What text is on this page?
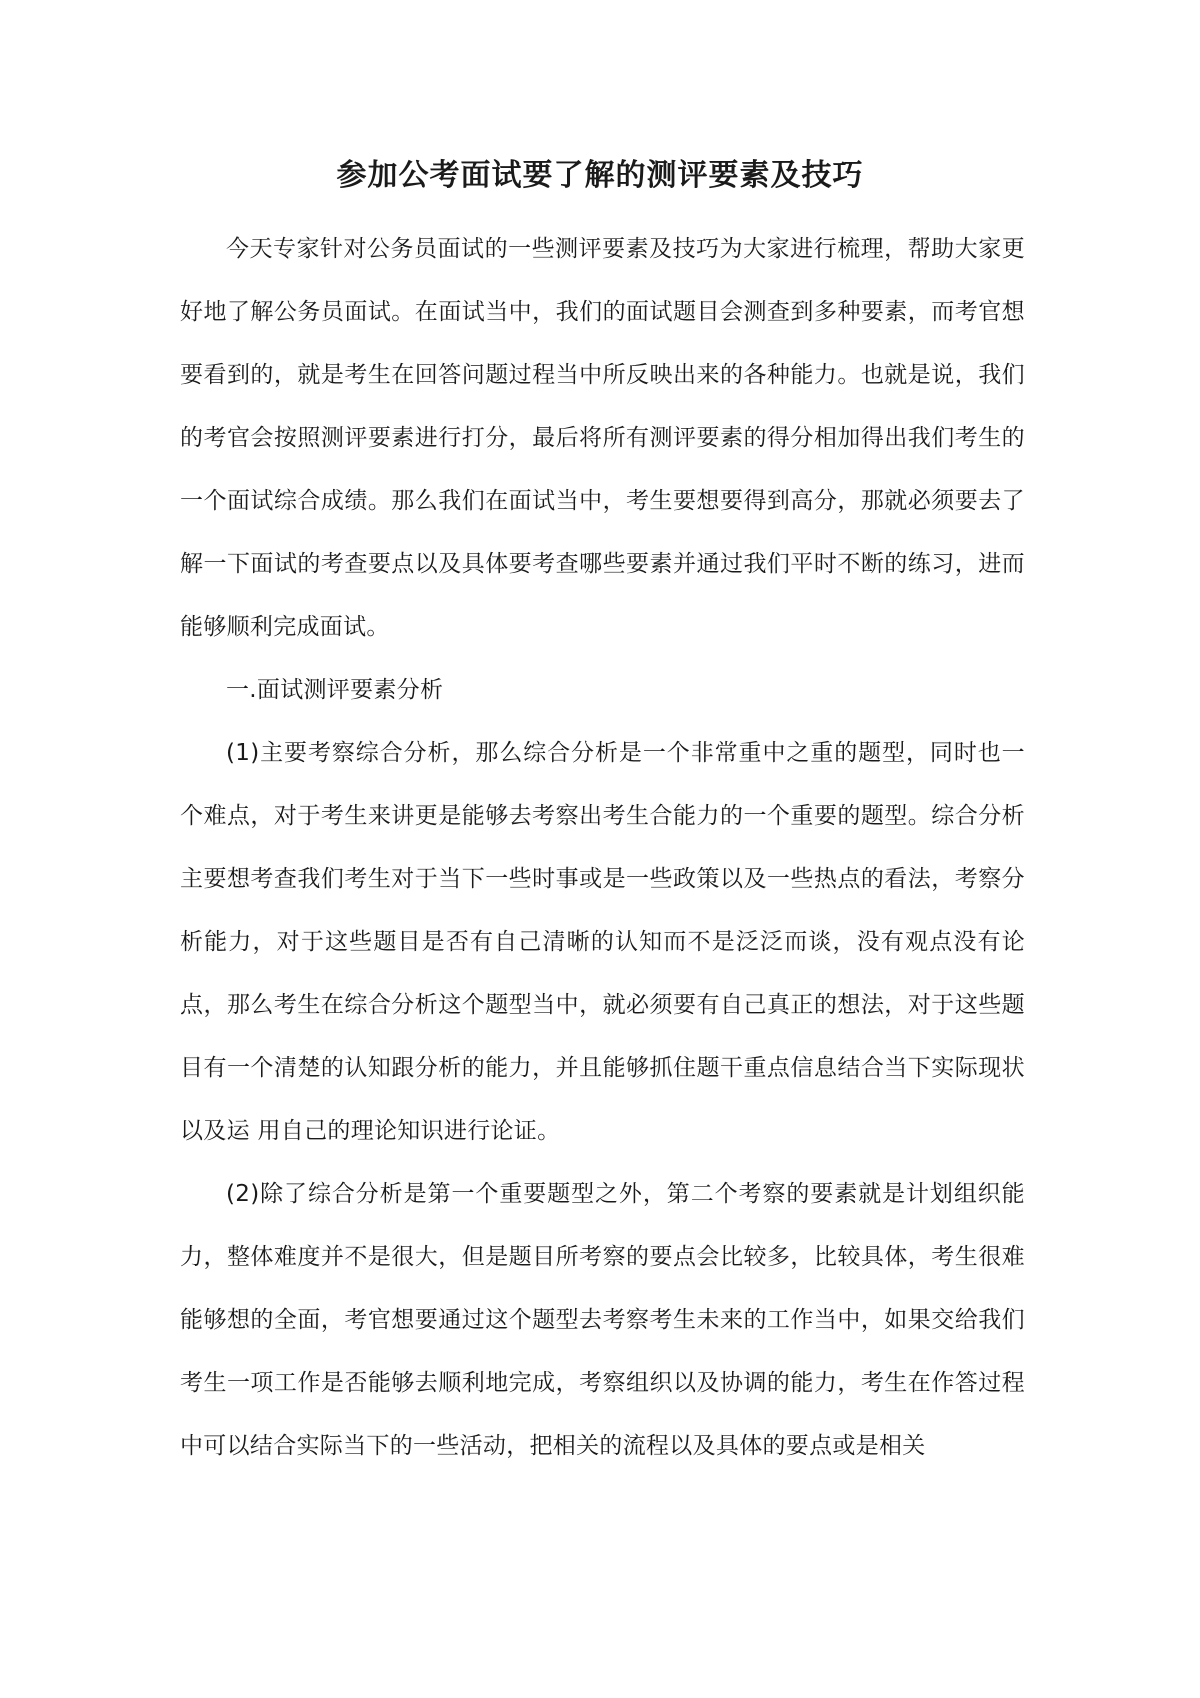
参加公考面试要了解的测评要素及技巧

今天专家针对公务员面试的一些测评要素及技巧为大家进行梳理，帮助大家更好地了解公务员面试。在面试当中，我们的面试题目会测查到多种要素，而考官想要看到的，就是考生在回答问题过程当中所反映出来的各种能力。也就是说，我们的考官会按照测评要素进行打分，最后将所有测评要素的得分相加得出我们考生的一个面试综合成绩。那么我们在面试当中，考生要想要得到高分，那就必须要去了解一下面试的考查要点以及具体要考查哪些要素并通过我们平时不断的练习，进而能够顺利完成面试。

一.面试测评要素分析

(1)主要考察综合分析，那么综合分析是一个非常重中之重的题型，同时也一个难点，对于考生来讲更是能够去考察出考生合能力的一个重要的题型。综合分析主要想考查我们考生对于当下一些时事或是一些政策以及一些热点的看法，考察分析能力，对于这些题目是否有自己清晰的认知而不是泛泛而谈，没有观点没有论点，那么考生在综合分析这个题型当中，就必须要有自己真正的想法，对于这些题目有一个清楚的认知跟分析的能力，并且能够抓住题干重点信息结合当下实际现状以及运 用自己的理论知识进行论证。

(2)除了综合分析是第一个重要题型之外，第二个考察的要素就是计划组织能力，整体难度并不是很大，但是题目所考察的要点会比较多，比较具体，考生很难能够想的全面，考官想要通过这个题型去考察考生未来的工作当中，如果交给我们考生一项工作是否能够去顺利地完成，考察组织以及协调的能力，考生在作答过程中可以结合实际当下的一些活动，把相关的流程以及具体的要点或是相关
